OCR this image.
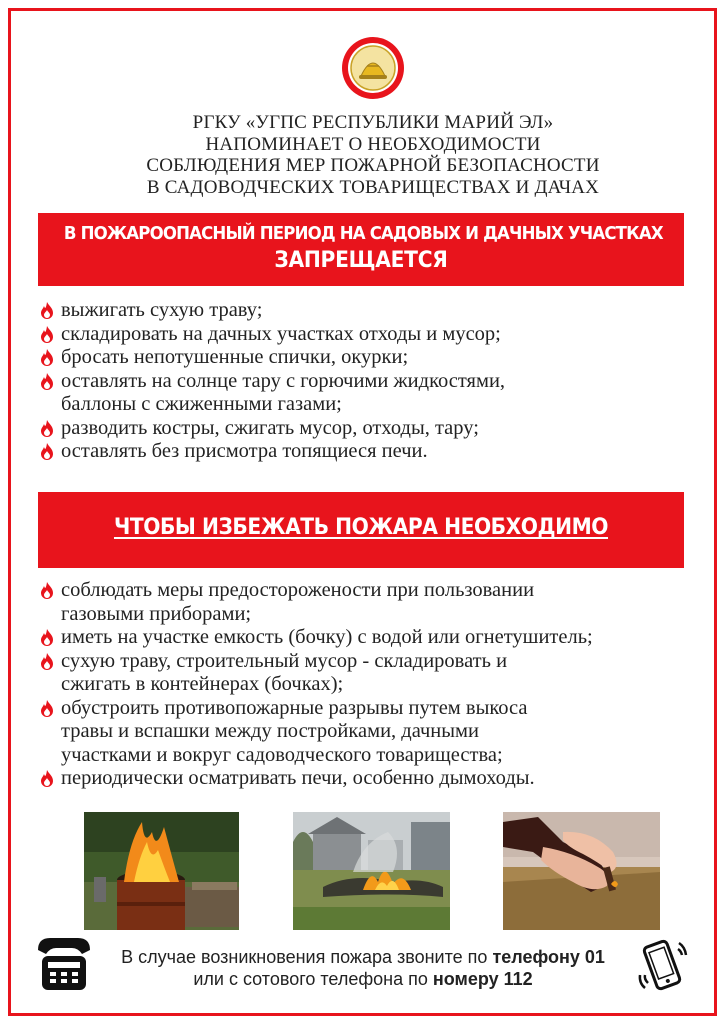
РГКУ «УГПС РЕСПУБЛИКИ МАРИЙ ЭЛ»
НАПОМИНАЕТ О НЕОБХОДИМОСТИ
СОБЛЮДЕНИЯ МЕР ПОЖАРНОЙ БЕЗОПАСНОСТИ
В САДОВОДЧЕСКИХ ТОВАРИЩЕСТВАХ И ДАЧАХ
В ПОЖАРООПАСНЫЙ ПЕРИОД НА САДОВЫХ И ДАЧНЫХ УЧАСТКАХ
ЗАПРЕЩАЕТСЯ
выжигать сухую траву;
складировать на дачных участках отходы и мусор;
бросать непотушенные спички, окурки;
оставлять на солнце тару с горючими жидкостями,
баллоны с сжиженными газами;
разводить костры, сжигать мусор, отходы, тару;
оставлять без присмотра топящиеся печи.
ЧТОБЫ ИЗБЕЖАТЬ ПОЖАРА НЕОБХОДИМО
соблюдать меры предосторожености при пользовании
газовыми приборами;
иметь на участке емкость (бочку) с водой или огнетушитель;
сухую траву, строительный мусор - складировать и
сжигать в контейнерах (бочках);
обустроить противопожарные разрывы путем выкоса
травы и вспашки между постройками, дачными
участками и вокруг садоводческого товарищества;
периодически осматривать печи, особенно дымоходы.
В случае возникновения пожара звоните по телефону 01
или с сотового телефона по номеру 112
